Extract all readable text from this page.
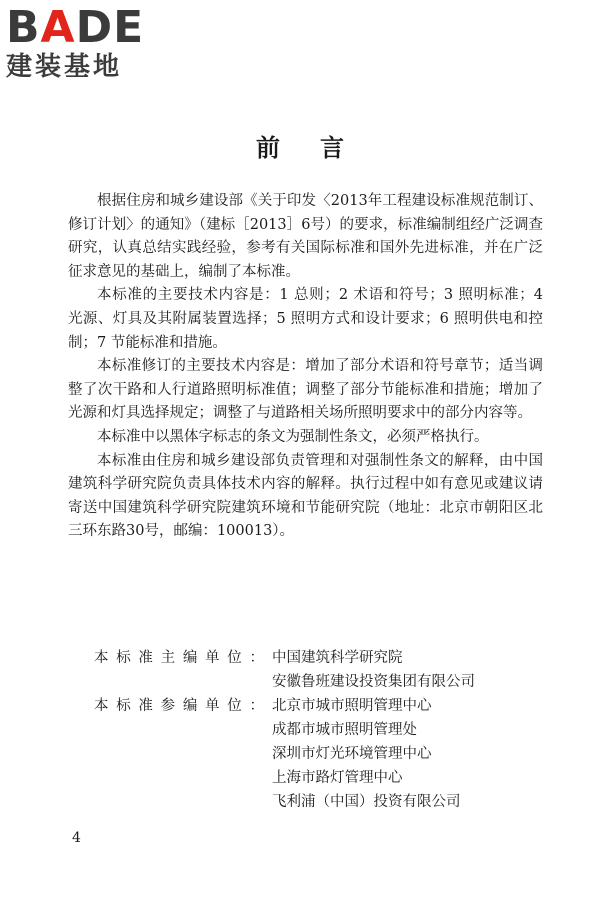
BADE
建装基地
前言

根据住房和城乡建设部《关于印发〈2013年工程建设标准规范制订、修订计划〉的通知》（建标［2013］6号）的要求，标准编制组经广泛调查研究，认真总结实践经验，参考有关国际标准和国外先进标准，并在广泛征求意见的基础上，编制了本标准。

本标准的主要技术内容是：1 总则；2 术语和符号；3 照明标准；4 光源、灯具及其附属装置选择；5 照明方式和设计要求；6 照明供电和控制；7 节能标准和措施。

本标准修订的主要技术内容是：增加了部分术语和符号章节；适当调整了次干路和人行道路照明标准值；调整了部分节能标准和措施；增加了光源和灯具选择规定；调整了与道路相关场所照明要求中的部分内容等。

本标准中以黑体字标志的条文为强制性条文，必须严格执行。

本标准由住房和城乡建设部负责管理和对强制性条文的解释，由中国建筑科学研究院负责具体技术内容的解释。执行过程中如有意见或建议请寄送中国建筑科学研究院建筑环境和节能研究院（地址：北京市朝阳区北三环东路30号，邮编：100013）。

本标准主编单位： 中国建筑科学研究院
安徽鲁班建设投资集团有限公司
本标准参编单位： 北京市城市照明管理中心
成都市城市照明管理处
深圳市灯光环境管理中心
上海市路灯管理中心
飞利浦（中国）投资有限公司
4
